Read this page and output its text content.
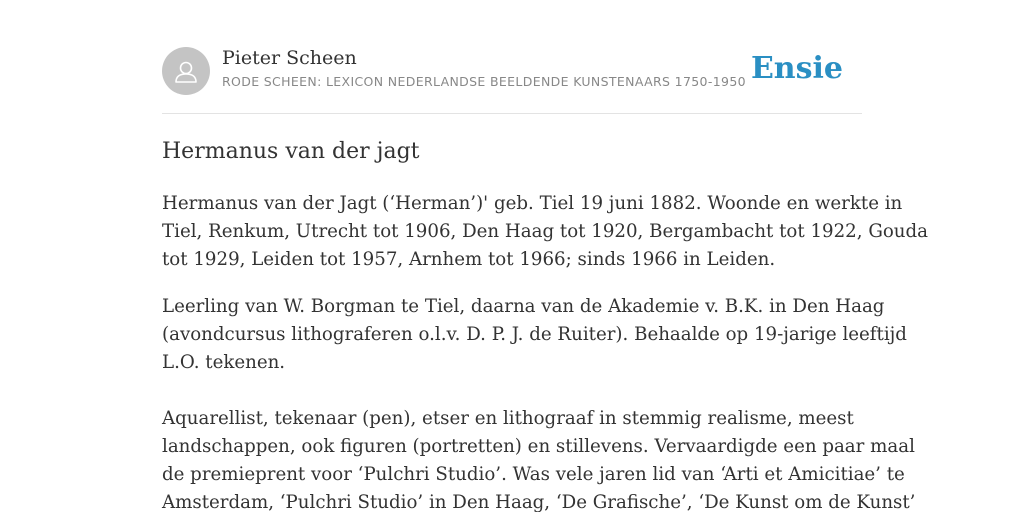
Pieter Scheen
RODE SCHEEN: LEXICON NEDERLANDSE BEELDENDE KUNSTENAARS 1750-1950 Ensie
Hermanus van der jagt

Hermanus van der Jagt (‘Herman’)' geb. Tiel 19 juni 1882. Woonde en werkte in
Tiel, Renkum, Utrecht tot 1906, Den Haag tot 1920, Bergambacht tot 1922, Gouda
tot 1929, Leiden tot 1957, Arnhem tot 1966; sinds 1966 in Leiden.

Leerling van W. Borgman te Tiel, daarna van de Akademie v. B.K. in Den Haag
(avondcursus lithograferen o.l.v. D. P. J. de Ruiter). Behaalde op 19-jarige leeftijd
L.O. tekenen.

Aquarellist, tekenaar (pen), etser en lithograaf in stemmig realisme, meest
landschappen, ook figuren (portretten) en stillevens. Vervaardigde een paar maal
de premieprent voor ‘Pulchri Studio’. Was vele jaren lid van ‘Arti et Amicitiae’ te
Amsterdam, ‘Pulchri Studio’ in Den Haag, ‘De Grafische’, ‘De Kunst om de Kunst’
